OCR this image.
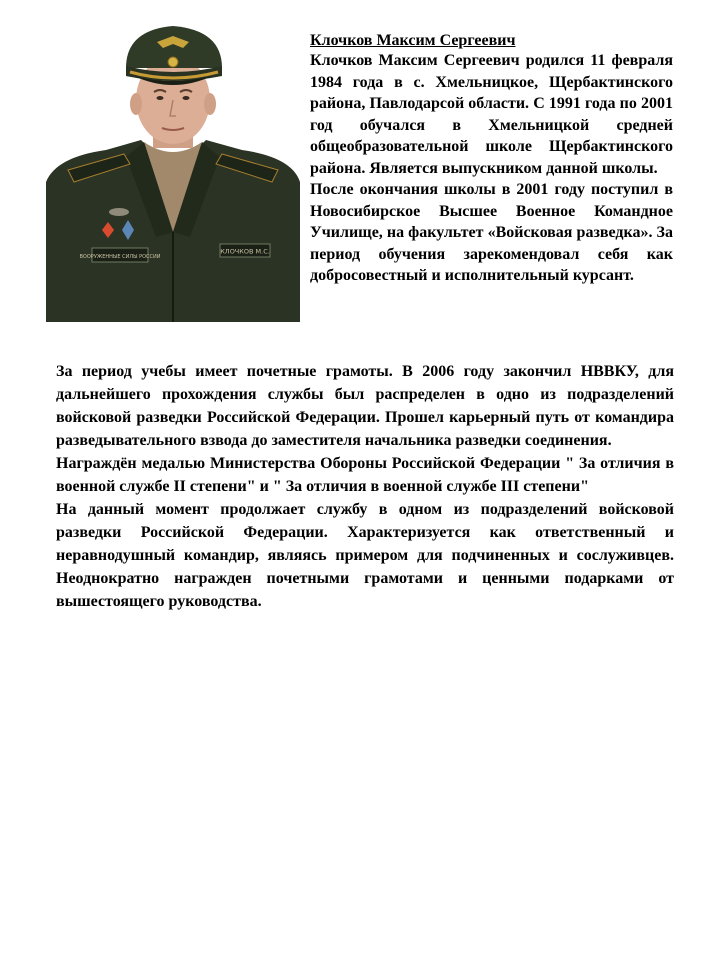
ВООРУЖЕННЫЕ СИЛЫ РОССИИ
КЛОЧКОВ М.С.
Клочков Максим Сергеевич

Клочков Максим Сергеевич родился 11 февраля 1984 года в с. Хмельницкое, Щербактинского района, Павлодарсой области. С 1991 года по 2001 год обучался в Хмельницкой средней общеобразовательной школе Щербактинского района. Является выпускником данной школы.

После окончания школы в 2001 году поступил в Новосибирское Высшее Военное Командное Училище, на факультет «Войсковая разведка». За период обучения зарекомендовал себя как добросовестный и исполнительный курсант.

За период учебы имеет почетные грамоты. В 2006 году закончил НВВКУ, для дальнейшего прохождения службы был распределен в одно из подразделений войсковой разведки Российской Федерации. Прошел карьерный путь от командира разведывательного взвода до заместителя начальника разведки соединения.

Награждён медалью Министерства Обороны Российской Федерации " За отличия в военной службе II степени" и " За отличия в военной службе III степени"

На данный момент продолжает службу в одном из подразделений войсковой разведки Российской Федерации. Характеризуется как ответственный и неравнодушный командир, являясь примером для подчиненных и сослуживцев. Неоднократно награжден почетными грамотами и ценными подарками от вышестоящего руководства.
